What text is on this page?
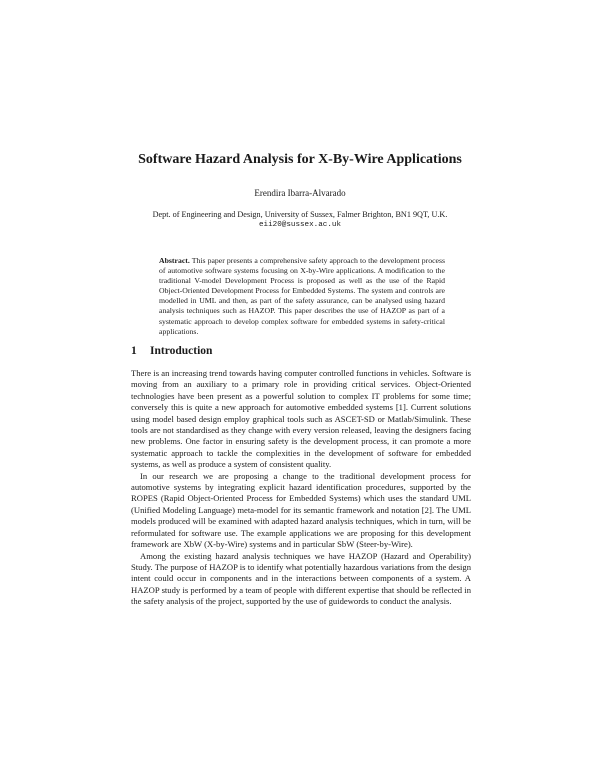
Software Hazard Analysis for X-By-Wire Applications
Erendira Ibarra-Alvarado
Dept. of Engineering and Design, University of Sussex, Falmer Brighton, BN1 9QT, U.K.
eii20@sussex.ac.uk
Abstract. This paper presents a comprehensive safety approach to the development process of automotive software systems focusing on X-by-Wire applications. A modification to the traditional V-model Development Process is proposed as well as the use of the Rapid Object-Oriented Development Process for Embedded Systems. The system and controls are modelled in UML and then, as part of the safety assurance, can be analysed using hazard analysis techniques such as HAZOP. This paper describes the use of HAZOP as part of a systematic approach to develop complex software for embedded systems in safety-critical applications.
1 Introduction

There is an increasing trend towards having computer controlled functions in vehicles. Software is moving from an auxiliary to a primary role in providing critical services. Object-Oriented technologies have been present as a powerful solution to complex IT problems for some time; conversely this is quite a new approach for automotive embedded systems [1]. Current solutions using model based design employ graphical tools such as ASCET-SD or Matlab/Simulink. These tools are not standardised as they change with every version released, leaving the designers facing new problems. One factor in ensuring safety is the development process, it can promote a more systematic approach to tackle the complexities in the development of software for embedded systems, as well as produce a system of consistent quality.

In our research we are proposing a change to the traditional development process for automotive systems by integrating explicit hazard identification procedures, supported by the ROPES (Rapid Object-Oriented Process for Embedded Systems) which uses the standard UML (Unified Modeling Language) meta-model for its semantic framework and notation [2]. The UML models produced will be examined with adapted hazard analysis techniques, which in turn, will be reformulated for software use. The example applications we are proposing for this development framework are XbW (X-by-Wire) systems and in particular SbW (Steer-by-Wire).

Among the existing hazard analysis techniques we have HAZOP (Hazard and Operability) Study. The purpose of HAZOP is to identify what potentially hazardous variations from the design intent could occur in components and in the interactions between components of a system. A HAZOP study is performed by a team of people with different expertise that should be reflected in the safety analysis of the project, supported by the use of guidewords to conduct the analysis.
